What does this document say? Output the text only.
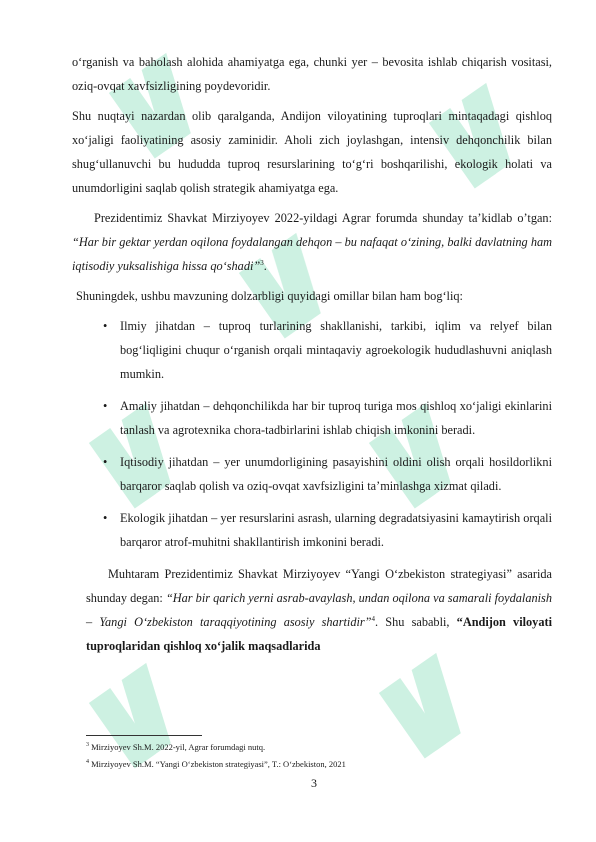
o‘rganish va baholash alohida ahamiyatga ega, chunki yer – bevosita ishlab chiqarish vositasi, oziq-ovqat xavfsizligining poydevoridir.

Shu nuqtayi nazardan olib qaralganda, Andijon viloyatining tuproqlari mintaqadagi qishloq xo‘jaligi faoliyatining asosiy zaminidir. Aholi zich joylashgan, intensiv dehqonchilik bilan shug‘ullanuvchi bu hududda tuproq resurslarining to‘g‘ri boshqarilishi, ekologik holati va unumdorligini saqlab qolish strategik ahamiyatga ega.

Prezidentimiz Shavkat Mirziyoyev 2022-yildagi Agrar forumda shunday ta’kidlab o’tgan: “Har bir gektar yerdan oqilona foydalangan dehqon – bu nafaqat o‘zining, balki davlatning ham iqtisodiy yuksalishiga hissa qo‘shadi”$^3$.

Shuningdek, ushbu mavzuning dolzarbligi quyidagi omillar bilan ham bog‘liq:

• Ilmiy jihatdan – tuproq turlarining shakllanishi, tarkibi, iqlim va relyef bilan bog‘liqligini chuqur o‘rganish orqali mintaqaviy agroekologik hududlashuvni aniqlash mumkin.
• Amaliy jihatdan – dehqonchilikda har bir tuproq turiga mos qishloq xo‘jaligi ekinlarini tanlash va agrotexnika chora-tadbirlarini ishlab chiqish imkonini beradi.
• Iqtisodiy jihatdan – yer unumdorligining pasayishini oldini olish orqali hosildorlikni barqaror saqlab qolish va oziq-ovqat xavfsizligini ta’minlashga xizmat qiladi.
• Ekologik jihatdan – yer resurslarini asrash, ularning degradatsiyasini kamaytirish orqali barqaror atrof-muhitni shakllantirish imkonini beradi.

Muhtaram Prezidentimiz Shavkat Mirziyoyev “Yangi O‘zbekiston strategiyasi” asarida shunday degan: “Har bir qarich yerni asrab-avaylash, undan oqilona va samarali foydalanish – Yangi O‘zbekiston taraqqiyotining asosiy shartidir”$^4$. Shu sababli, “Andijon viloyati tuproqlaridan qishloq xo‘jalik maqsadlarida

$^3$ Mirziyoyev Sh.M. 2022-yil, Agrar forumdagi nutq.

$^4$ Mirziyoyev Sh.M. “Yangi O‘zbekiston strategiyasi”, T.: O‘zbekiston, 2021

3
